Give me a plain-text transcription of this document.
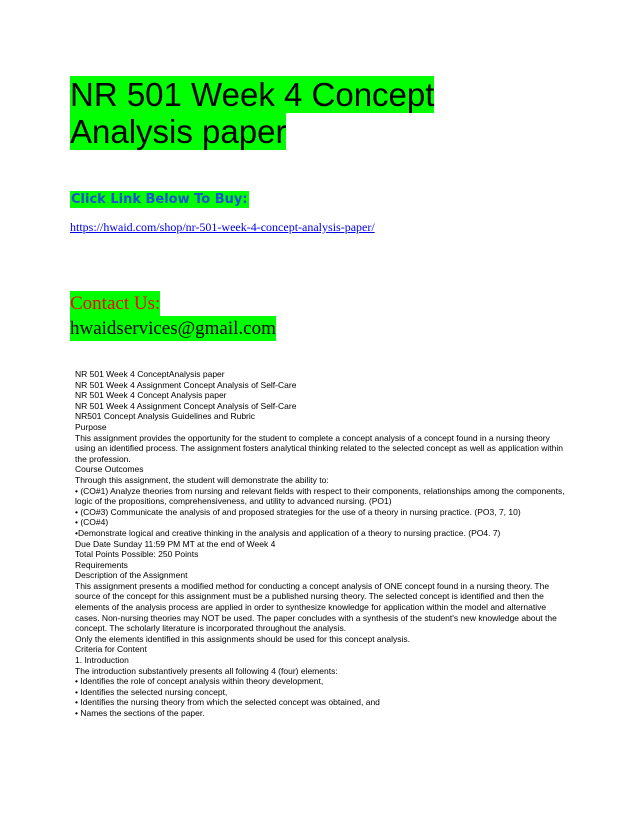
NR 501 Week 4 Concept
Analysis paper
Click Link Below To Buy:
https://hwaid.com/shop/nr-501-week-4-concept-analysis-paper/
Contact Us:
hwaidservices@gmail.com

NR 501 Week 4 ConceptAnalysis paper

NR 501 Week 4 Assignment Concept Analysis of Self-Care

NR 501 Week 4 Concept Analysis paper

NR 501 Week 4 Assignment Concept Analysis of Self-Care

NR501 Concept Analysis Guidelines and Rubric

Purpose

This assignment provides the opportunity for the student to complete a concept analysis of a concept found in a nursing theory using an identified process. The assignment fosters analytical thinking related to the selected concept as well as application within the profession.

Course Outcomes

Through this assignment, the student will demonstrate the ability to:

• (CO#1) Analyze theories from nursing and relevant fields with respect to their components, relationships among the components, logic of the propositions, comprehensiveness, and utility to advanced nursing. (PO1)

• (CO#3) Communicate the analysis of and proposed strategies for the use of a theory in nursing practice. (PO3, 7, 10)

• (CO#4)

•Demonstrate logical and creative thinking in the analysis and application of a theory to nursing practice. (PO4. 7)

Due Date Sunday 11:59 PM MT at the end of Week 4

Total Points Possible: 250 Points

Requirements

Description of the Assignment

This assignment presents a modified method for conducting a concept analysis of ONE concept found in a nursing theory. The source of the concept for this assignment must be a published nursing theory. The selected concept is identified and then the elements of the analysis process are applied in order to synthesize knowledge for application within the model and alternative cases. Non-nursing theories may NOT be used. The paper concludes with a synthesis of the student's new knowledge about the concept. The scholarly literature is incorporated throughout the analysis.

Only the elements identified in this assignments should be used for this concept analysis.

Criteria for Content

1. Introduction

The introduction substantively presents all following 4 (four) elements:

• Identifies the role of concept analysis within theory development,

• Identifies the selected nursing concept,

• Identifies the nursing theory from which the selected concept was obtained, and

• Names the sections of the paper.
